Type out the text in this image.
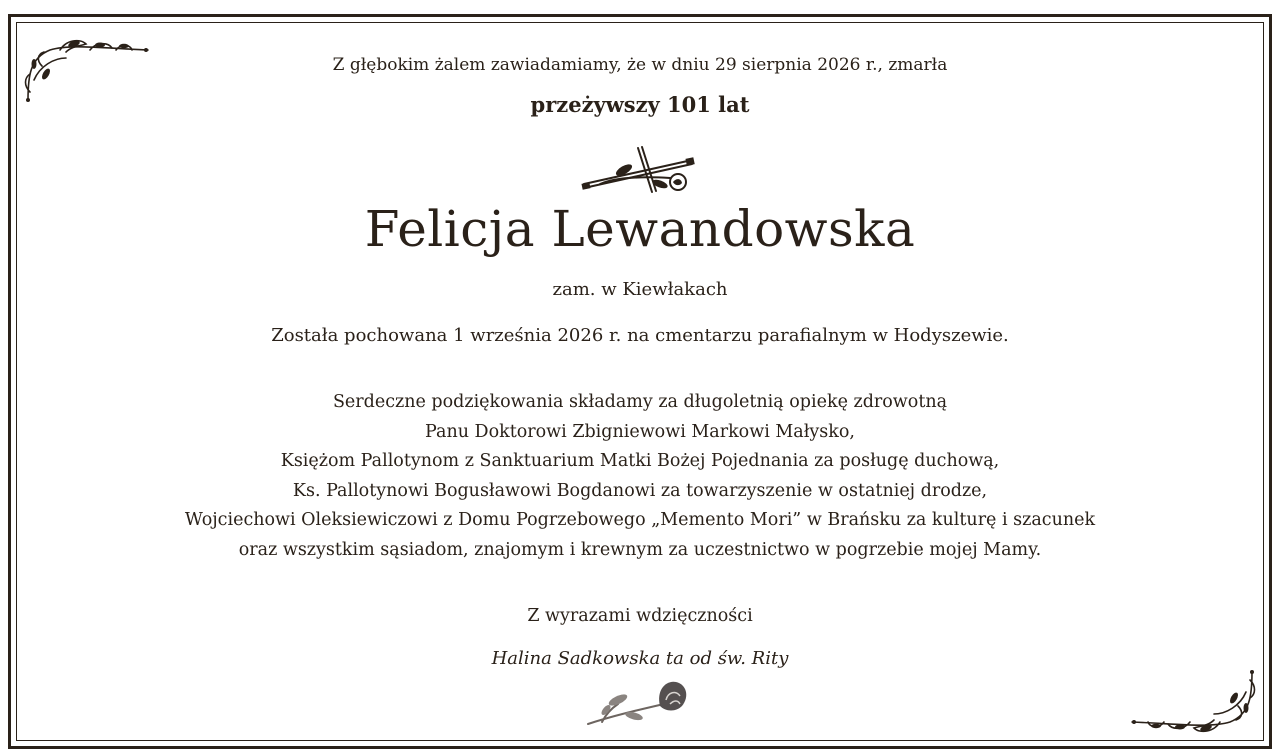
Z głębokim żalem zawiadamiamy, że w dniu 29 sierpnia 2026 r., zmarła
przeżywszy 101 lat
Felicja Lewandowska
zam. w Kiewłakach
Została pochowana 1 września 2026 r. na cmentarzu parafialnym w Hodyszewie.
Serdeczne podziękowania składamy za długoletnią opiekę zdrowotną
Panu Doktorowi Zbigniewowi Markowi Małysko,
Księżom Pallotynom z Sanktuarium Matki Bożej Pojednania za posługę duchową,
Ks. Pallotynowi Bogusławowi Bogdanowi za towarzyszenie w ostatniej drodze,
Wojciechowi Oleksiewiczowi z Domu Pogrzebowego „Memento Mori” w Brańsku za kulturę i szacunek
oraz wszystkim sąsiadom, znajomym i krewnym za uczestnictwo w pogrzebie mojej Mamy.
Z wyrazami wdzięczności
Halina Sadkowska ta od św. Rity
